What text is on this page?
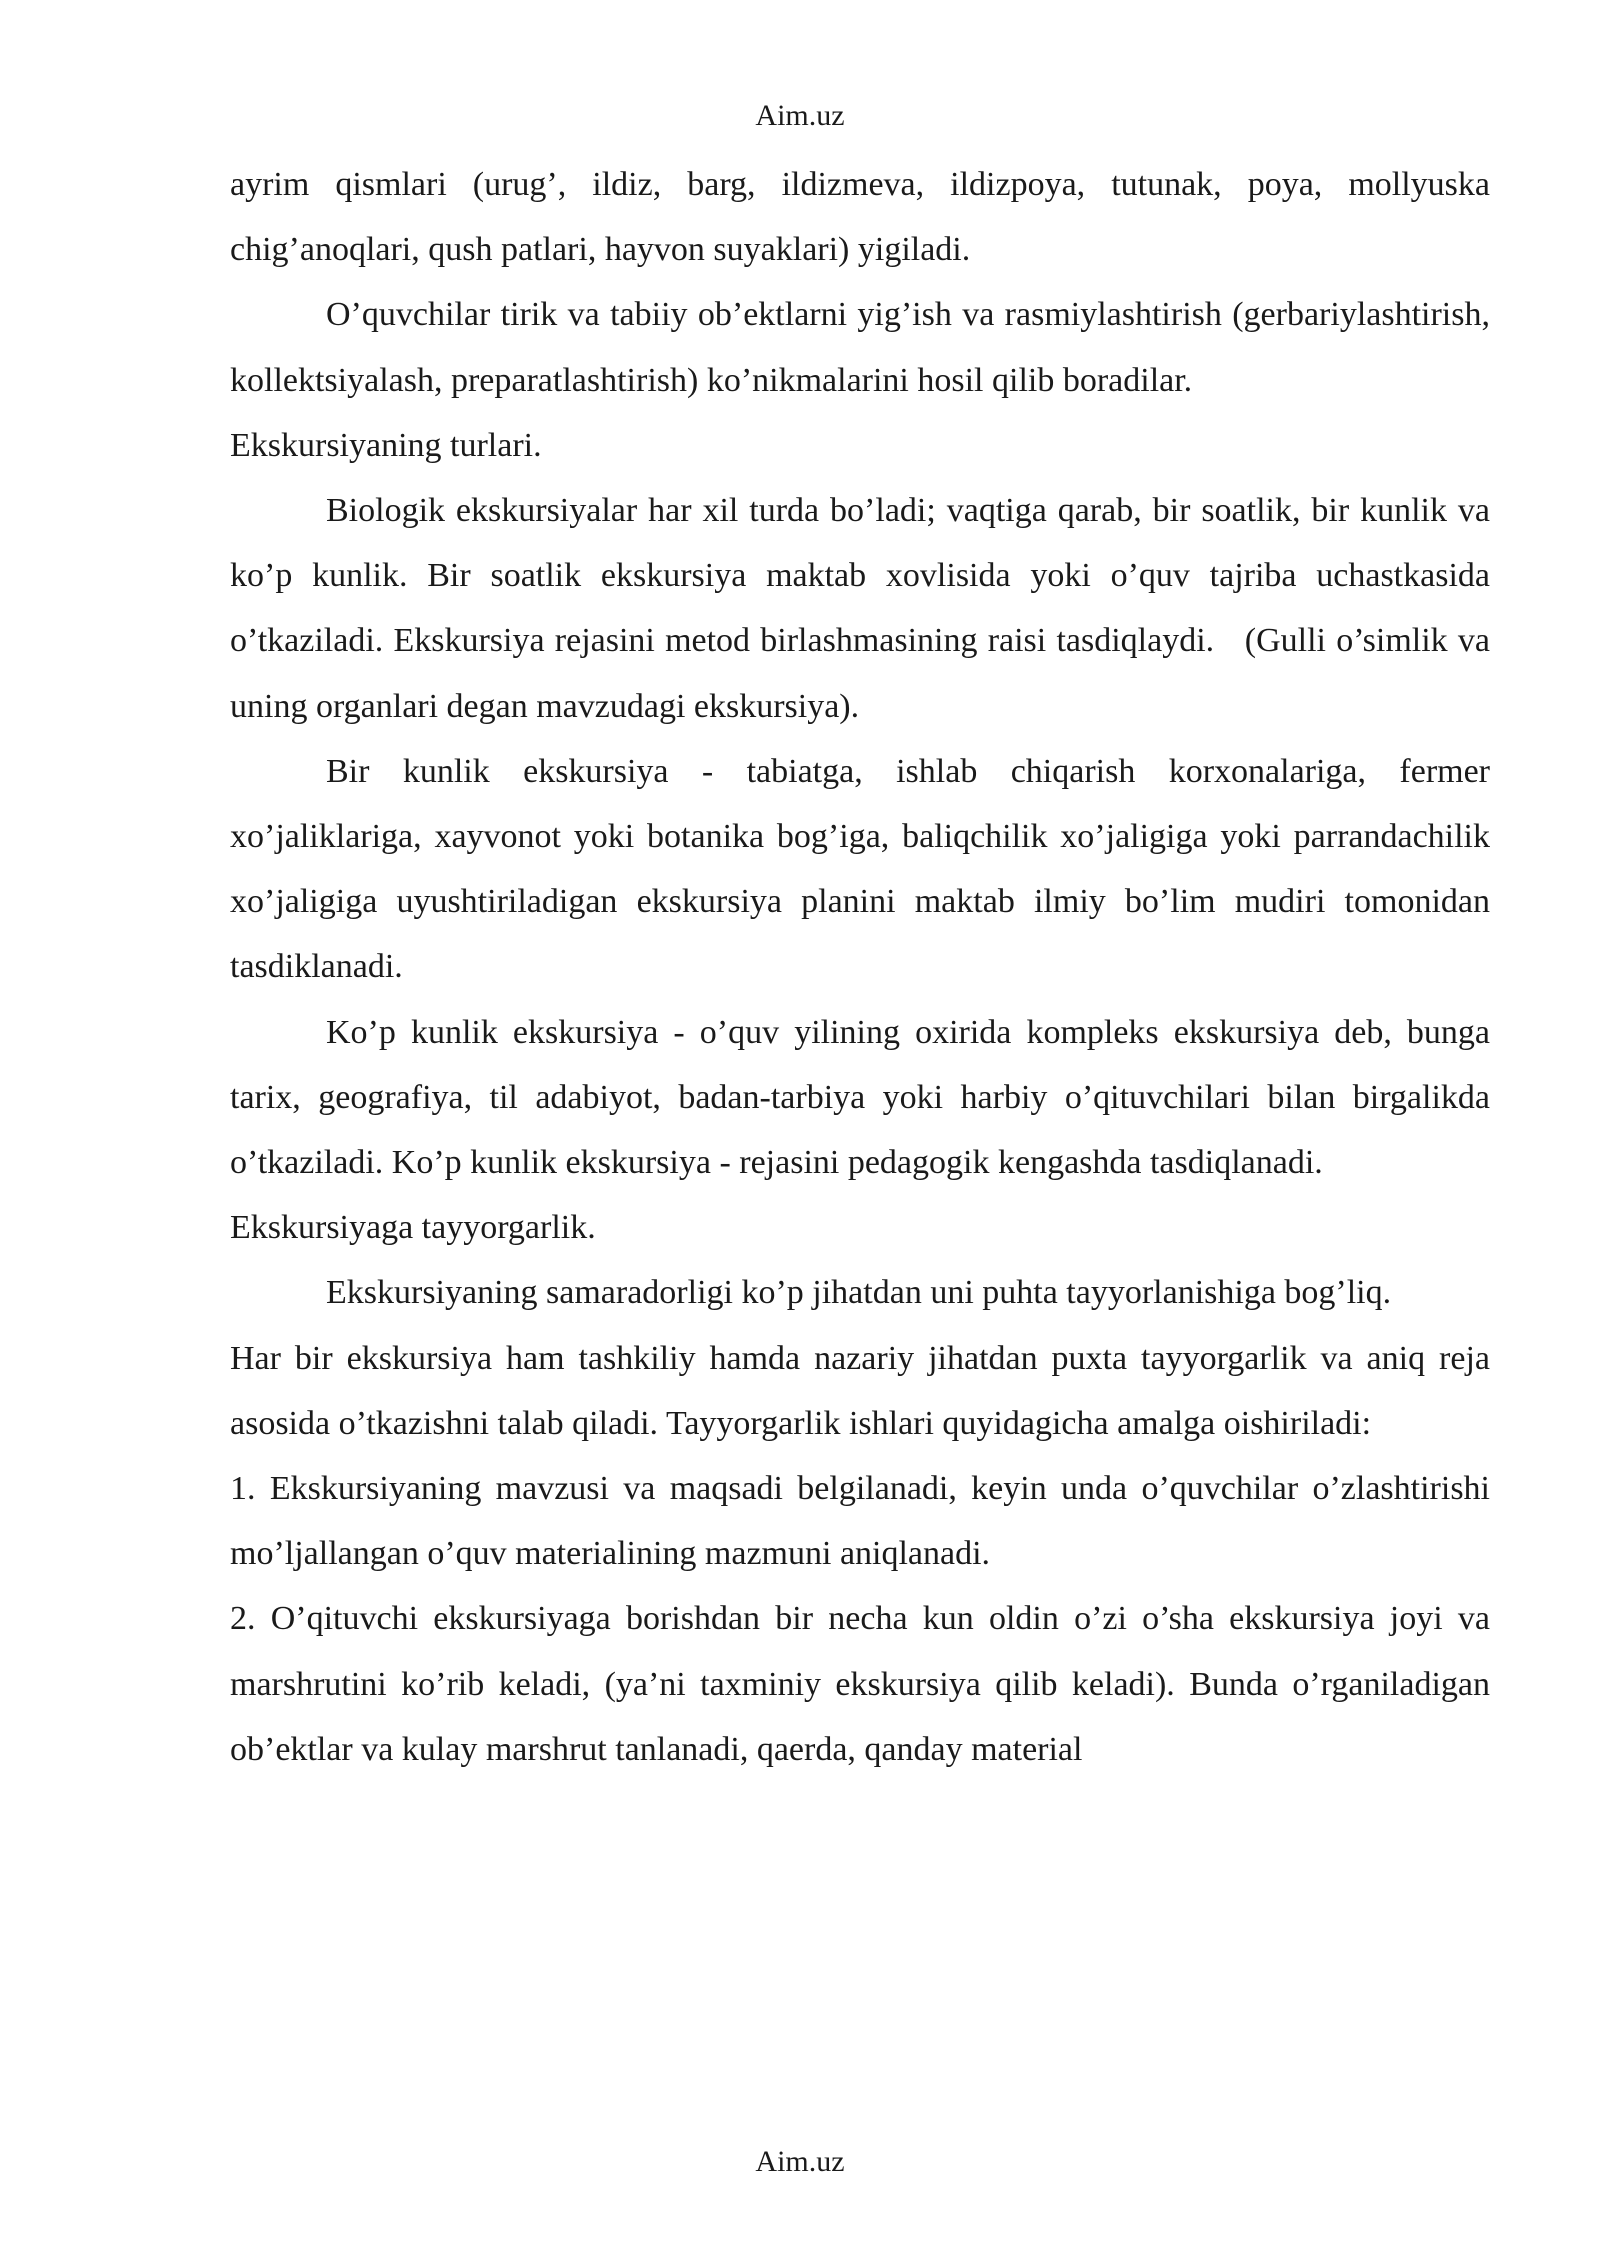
Aim.uz

ayrim qismlari (urug’, ildiz, barg, ildizmeva, ildizpoya, tutunak, poya, mollyuska chig’anoqlari, qush patlari, hayvon suyaklari) yigiladi.

O’quvchilar tirik va tabiiy ob’ektlarni yig’ish va rasmiylashtirish (gerbariylashtirish, kollektsiyalash, preparatlashtirish) ko’nikmalarini hosil qilib boradilar.

Ekskursiyaning turlari.

Biologik ekskursiyalar har xil turda bo’ladi; vaqtiga qarab, bir soatlik, bir kunlik va ko’p kunlik. Bir soatlik ekskursiya maktab xovlisida yoki o’quv tajriba uchastkasida o’tkaziladi. Ekskursiya rejasini metod birlashmasining raisi tasdiqlaydi.   (Gulli o’simlik va uning organlari degan mavzudagi ekskursiya).

Bir kunlik ekskursiya - tabiatga, ishlab chiqarish korxonalariga, fermer xo’jaliklariga, xayvonot yoki botanika bog’iga, baliqchilik xo’jaligiga yoki parrandachilik xo’jaligiga uyushtiriladigan ekskursiya planini maktab ilmiy bo’lim mudiri tomonidan tasdiklanadi.

Ko’p kunlik ekskursiya - o’quv yilining oxirida kompleks ekskursiya deb, bunga tarix, geografiya, til adabiyot, badan-tarbiya yoki harbiy o’qituvchilari bilan birgalikda o’tkaziladi. Ko’p kunlik ekskursiya - rejasini pedagogik kengashda tasdiqlanadi.

Ekskursiyaga tayyorgarlik.

Ekskursiyaning samaradorligi ko’p jihatdan uni puhta tayyorlanishiga bog’liq.

Har bir ekskursiya ham tashkiliy hamda nazariy jihatdan puxta tayyorgarlik va aniq reja asosida o’tkazishni talab qiladi. Tayyorgarlik ishlari quyidagicha amalga oishiriladi:

1. Ekskursiyaning mavzusi va maqsadi belgilanadi, keyin unda o’quvchilar o’zlashtirishi mo’ljallangan o’quv materialining mazmuni aniqlanadi.

2. O’qituvchi ekskursiyaga borishdan bir necha kun oldin o’zi o’sha ekskursiya joyi va marshrutini ko’rib keladi, (ya’ni taxminiy ekskursiya qilib keladi). Bunda o’rganiladigan ob’ektlar va kulay marshrut tanlanadi, qaerda, qanday material

Aim.uz
